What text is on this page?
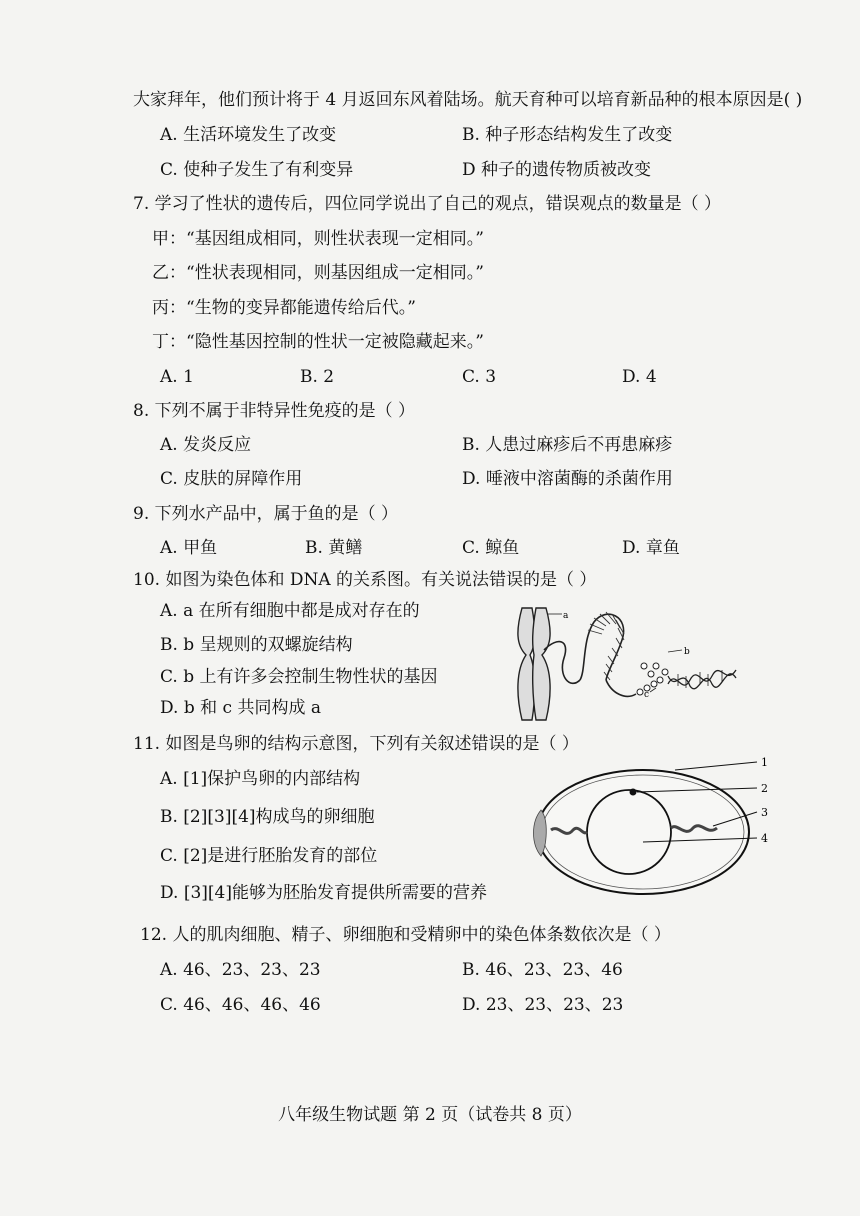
大家拜年，他们预计将于 4 月返回东风着陆场。航天育种可以培育新品种的根本原因是( )
A. 生活环境发生了改变	B. 种子形态结构发生了改变
C. 使种子发生了有利变异	D 种子的遗传物质被改变
7. 学习了性状的遗传后，四位同学说出了自己的观点，错误观点的数量是（ ）
甲：“基因组成相同，则性状表现一定相同。”
乙：“性状表现相同，则基因组成一定相同。”
丙：“生物的变异都能遗传给后代。”
丁：“隐性基因控制的性状一定被隐藏起来。”
A. 1	B. 2	C. 3	D. 4
8. 下列不属于非特异性免疫的是（ ）
A. 发炎反应	B. 人患过麻疹后不再患麻疹
C. 皮肤的屏障作用	D. 唾液中溶菌酶的杀菌作用
9. 下列水产品中，属于鱼的是（ ）
A. 甲鱼	B. 黄鳝	C. 鲸鱼	D. 章鱼
10. 如图为染色体和 DNA 的关系图。有关说法错误的是（ ）
A. a 在所有细胞中都是成对存在的
B. b 呈规则的双螺旋结构
C. b 上有许多会控制生物性状的基因
D. b 和 c 共同构成 a
a
b
c
11. 如图是鸟卵的结构示意图，下列有关叙述错误的是（ ）
A. [1]保护鸟卵的内部结构
B. [2][3][4]构成鸟的卵细胞
C. [2]是进行胚胎发育的部位
D. [3][4]能够为胚胎发育提供所需要的营养
1
2
3
4
12. 人的肌肉细胞、精子、卵细胞和受精卵中的染色体条数依次是（ ）
A. 46、23、23、23	B. 46、23、23、46
C. 46、46、46、46	D. 23、23、23、23
八年级生物试题 第 2 页（试卷共 8 页）
